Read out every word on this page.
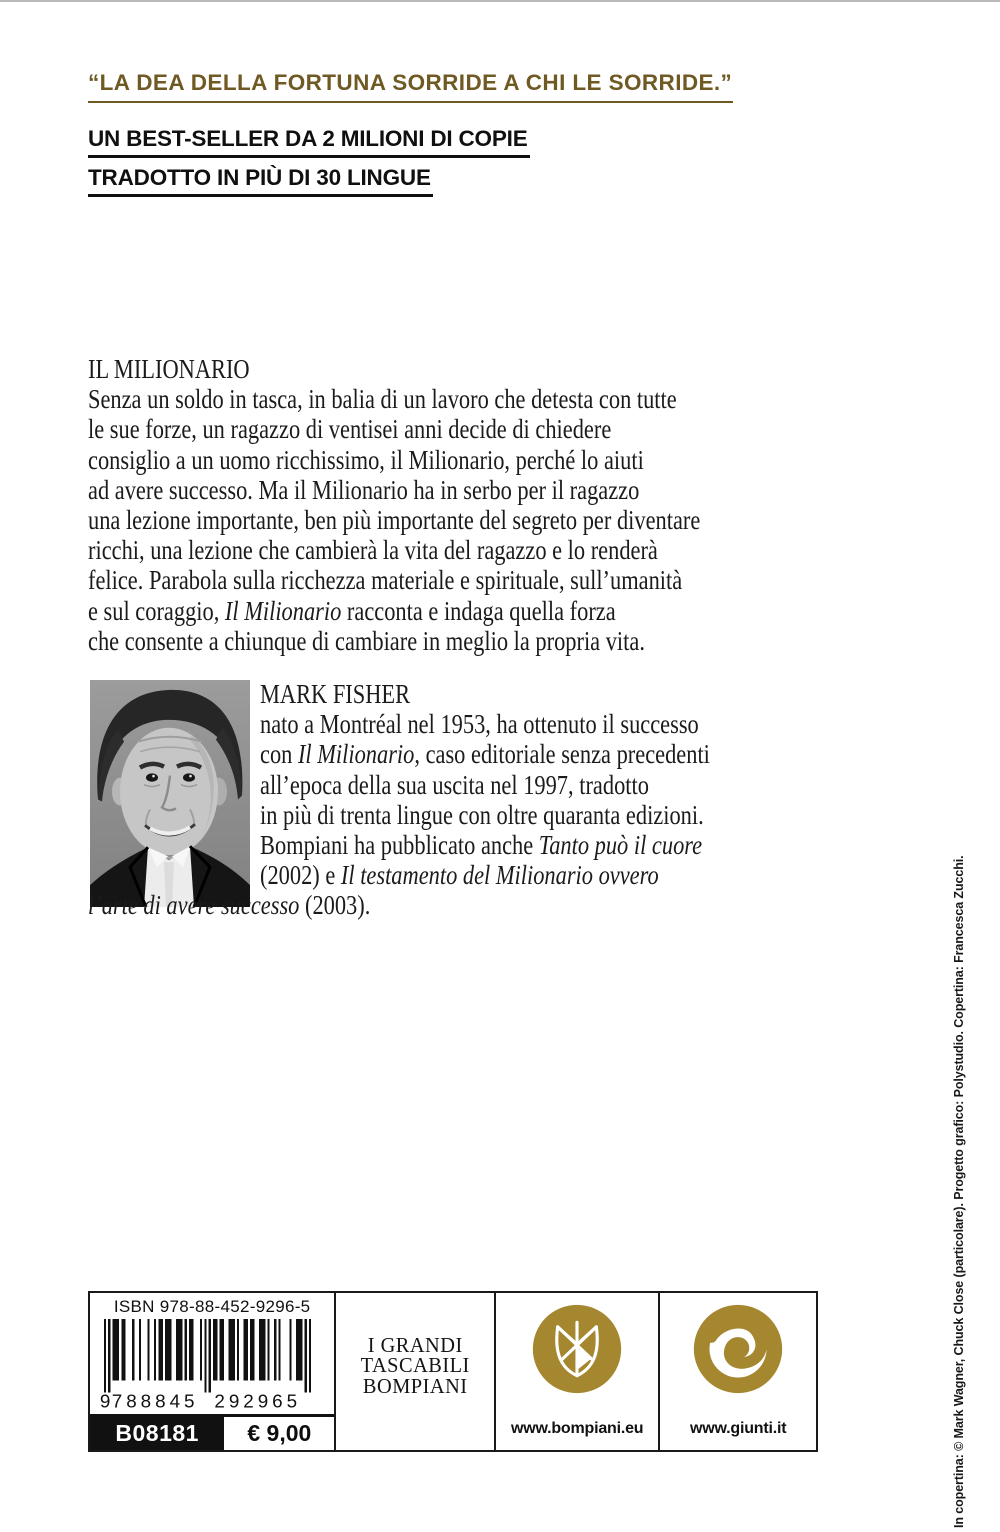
“LA DEA DELLA FORTUNA SORRIDE A CHI LE SORRIDE.”
UN BEST-SELLER DA 2 MILIONI DI COPIE
TRADOTTO IN PIÙ DI 30 LINGUE
IL MILIONARIO
Senza un soldo in tasca, in balia di un lavoro che detesta con tutte
le sue forze, un ragazzo di ventisei anni decide di chiedere
consiglio a un uomo ricchissimo, il Milionario, perché lo aiuti
ad avere successo. Ma il Milionario ha in serbo per il ragazzo
una lezione importante, ben più importante del segreto per diventare
ricchi, una lezione che cambierà la vita del ragazzo e lo renderà
felice. Parabola sulla ricchezza materiale e spirituale, sull’umanità
e sul coraggio, Il Milionario racconta e indaga quella forza
che consente a chiunque di cambiare in meglio la propria vita.
MARK FISHER
nato a Montréal nel 1953, ha ottenuto il successo
con Il Milionario, caso editoriale senza precedenti
all’epoca della sua uscita nel 1997, tradotto
in più di trenta lingue con oltre quaranta edizioni.
Bompiani ha pubblicato anche Tanto può il cuore
(2002) e Il testamento del Milionario ovvero
l’arte di avere successo (2003).	In copertina: © Mark Wagner, Chuck Close (particolare). Progetto grafico: Polystudio. Copertina: Francesca Zucchi.
ISBN 978-88-452-9296-5
9
788845 292965
B08181	€ 9,00
I GRANDI
TASCABILI
BOMPIANI
www.bompiani.eu	www.giunti.it
